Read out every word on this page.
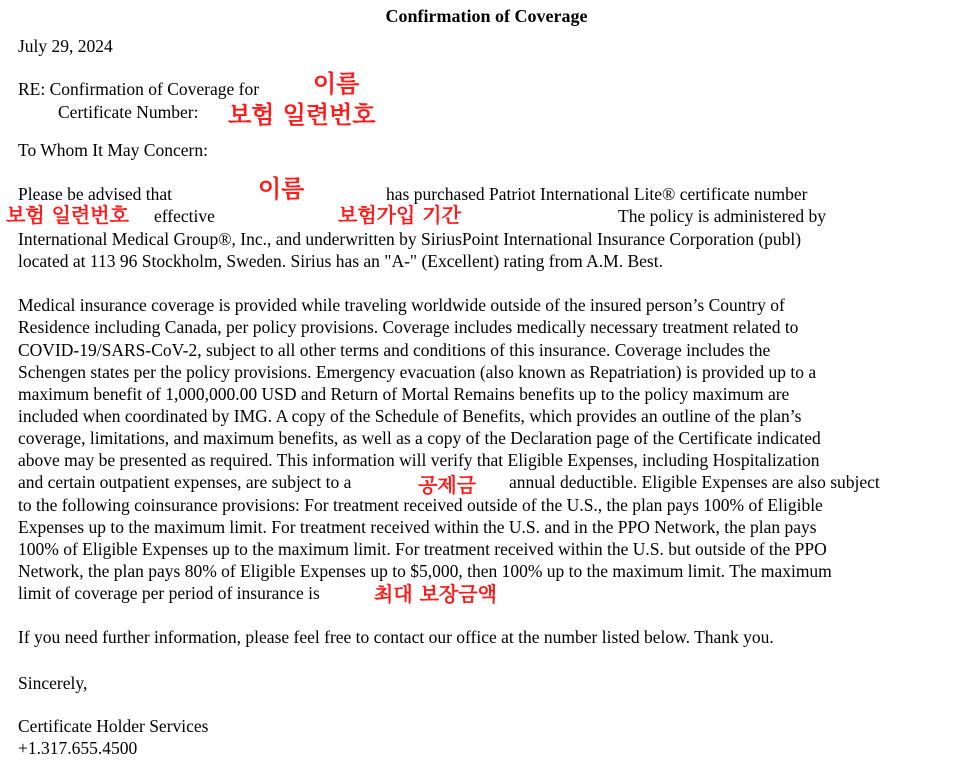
Confirmation of Coverage
July 29, 2024
RE: Confirmation of Coverage for 이름
Certificate Number: 보험 일련번호
To Whom It May Concern:
Please be advised that	이름	has purchased Patriot International Lite® certificate number
보험 일련번호 effective	보험가입 기간	The policy is administered by
International Medical Group®, Inc., and underwritten by SiriusPoint International Insurance Corporation (publ)
located at 113 96 Stockholm, Sweden. Sirius has an "A-" (Excellent) rating from A.M. Best.
Medical insurance coverage is provided while traveling worldwide outside of the insured person’s Country of
Residence including Canada, per policy provisions. Coverage includes medically necessary treatment related to
COVID-19/SARS-CoV-2, subject to all other terms and conditions of this insurance. Coverage includes the
Schengen states per the policy provisions. Emergency evacuation (also known as Repatriation) is provided up to a
maximum benefit of 1,000,000.00 USD and Return of Mortal Remains benefits up to the policy maximum are
included when coordinated by IMG. A copy of the Schedule of Benefits, which provides an outline of the plan’s
coverage, limitations, and maximum benefits, as well as a copy of the Declaration page of the Certificate indicated
above may be presented as required. This information will verify that Eligible Expenses, including Hospitalization
and certain outpatient expenses, are subject to a	공제금 annual deductible. Eligible Expenses are also subject
to the following coinsurance provisions: For treatment received outside of the U.S., the plan pays 100% of Eligible
Expenses up to the maximum limit. For treatment received within the U.S. and in the PPO Network, the plan pays
100% of Eligible Expenses up to the maximum limit. For treatment received within the U.S. but outside of the PPO
Network, the plan pays 80% of Eligible Expenses up to $5,000, then 100% up to the maximum limit. The maximum
limit of coverage per period of insurance is	최대 보장금액
If you need further information, please feel free to contact our office at the number listed below. Thank you.
Sincerely,
Certificate Holder Services
+1.317.655.4500
